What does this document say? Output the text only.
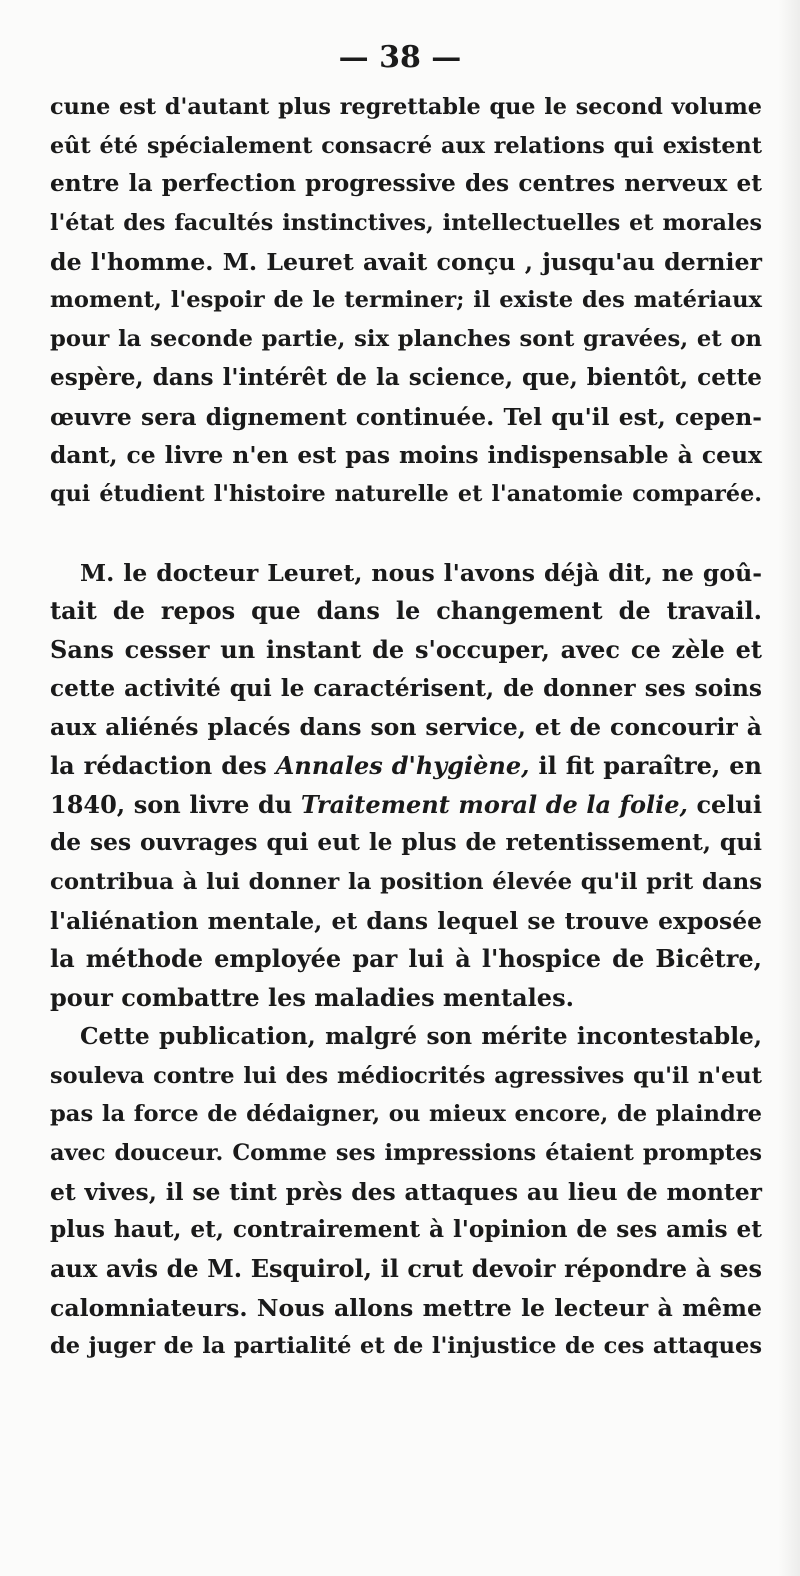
— 38 —
cune est d'autant plus regrettable que le second volume
eût été spécialement consacré aux relations qui existent
entre la perfection progressive des centres nerveux et
l'état des facultés instinctives, intellectuelles et morales
de l'homme. M. Leuret avait conçu , jusqu'au dernier
moment, l'espoir de le terminer; il existe des matériaux
pour la seconde partie, six planches sont gravées, et on
espère, dans l'intérêt de la science, que, bientôt, cette
œuvre sera dignement continuée. Tel qu'il est, cepen-
dant, ce livre n'en est pas moins indispensable à ceux
qui étudient l'histoire naturelle et l'anatomie comparée.
M. le docteur Leuret, nous l'avons déjà dit, ne goû-
tait de repos que dans le changement de travail.
Sans cesser un instant de s'occuper, avec ce zèle et
cette activité qui le caractérisent, de donner ses soins
aux aliénés placés dans son service, et de concourir à
la rédaction des Annales d'hygiène, il fit paraître, en
1840, son livre du Traitement moral de la folie, celui
de ses ouvrages qui eut le plus de retentissement, qui
contribua à lui donner la position élevée qu'il prit dans
l'aliénation mentale, et dans lequel se trouve exposée
la méthode employée par lui à l'hospice de Bicêtre,
pour combattre les maladies mentales.
Cette publication, malgré son mérite incontestable,
souleva contre lui des médiocrités agressives qu'il n'eut
pas la force de dédaigner, ou mieux encore, de plaindre
avec douceur. Comme ses impressions étaient promptes
et vives, il se tint près des attaques au lieu de monter
plus haut, et, contrairement à l'opinion de ses amis et
aux avis de M. Esquirol, il crut devoir répondre à ses
calomniateurs. Nous allons mettre le lecteur à même
de juger de la partialité et de l'injustice de ces attaques
